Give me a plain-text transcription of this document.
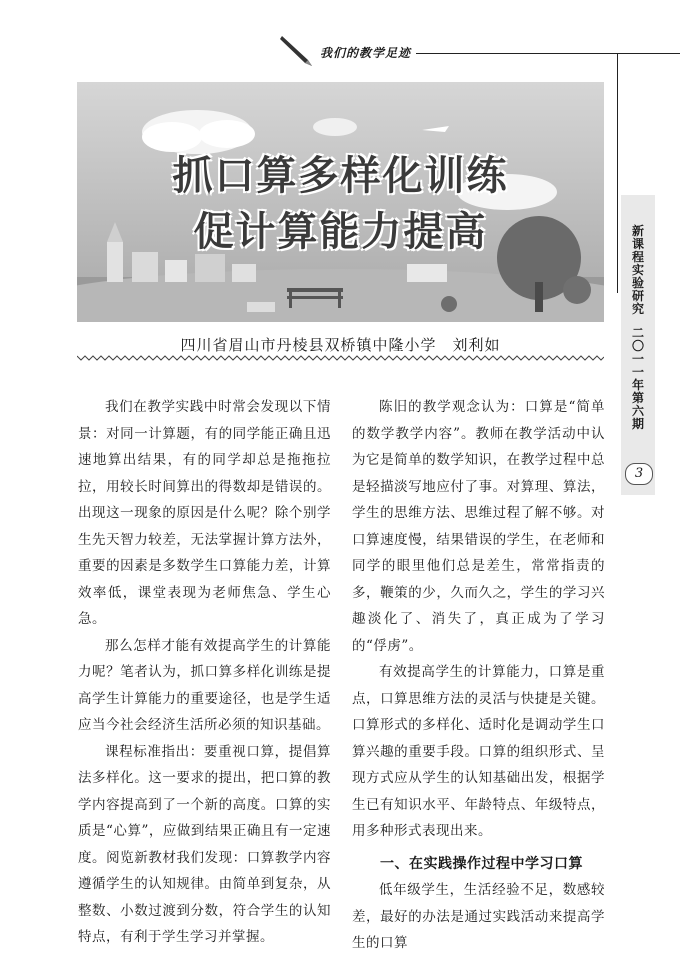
我们的教学足迹
新课程实验研究
二〇一一年第六期
3
抓口算多样化训练
促计算能力提高
四川省眉山市丹棱县双桥镇中隆小学　刘利如

我们在教学实践中时常会发现以下情景：对同一计算题，有的同学能正确且迅速地算出结果，有的同学却总是拖拖拉拉，用较长时间算出的得数却是错误的。出现这一现象的原因是什么呢？除个别学生先天智力较差，无法掌握计算方法外，重要的因素是多数学生口算能力差，计算效率低，课堂表现为老师焦急、学生心急。

那么怎样才能有效提高学生的计算能力呢？笔者认为，抓口算多样化训练是提高学生计算能力的重要途径，也是学生适应当今社会经济生活所必须的知识基础。

课程标准指出：要重视口算，提倡算法多样化。这一要求的提出，把口算的教学内容提高到了一个新的高度。口算的实质是“心算”，应做到结果正确且有一定速度。阅览新教材我们发现：口算教学内容遵循学生的认知规律。由简单到复杂，从整数、小数过渡到分数，符合学生的认知特点，有利于学生学习并掌握。

陈旧的教学观念认为：口算是“简单的数学教学内容”。教师在教学活动中认为它是简单的数学知识，在教学过程中总是轻描淡写地应付了事。对算理、算法，学生的思维方法、思维过程了解不够。对口算速度慢，结果错误的学生，在老师和同学的眼里他们总是差生，常常指责的多，鞭策的少，久而久之，学生的学习兴趣淡化了、消失了，真正成为了学习的“俘虏”。

有效提高学生的计算能力，口算是重点，口算思维方法的灵活与快捷是关键。口算形式的多样化、适时化是调动学生口算兴趣的重要手段。口算的组织形式、呈现方式应从学生的认知基础出发，根据学生已有知识水平、年龄特点、年级特点，用多种形式表现出来。

一、在实践操作过程中学习口算

低年级学生，生活经验不足，数感较差，最好的办法是通过实践活动来提高学生的口算
